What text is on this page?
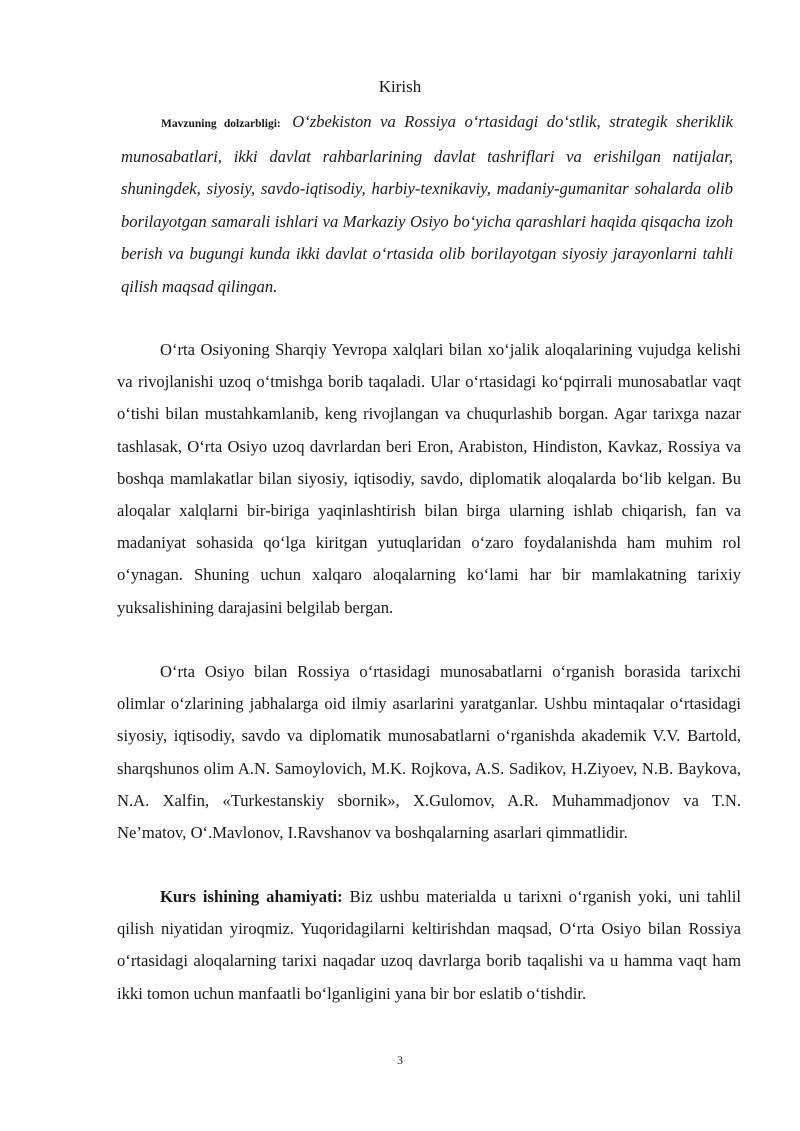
Kirish

Mavzuning dolzarbligi: O‘zbekiston va Rossiya o‘rtasidagi do‘stlik, strategik sheriklik munosabatlari, ikki davlat rahbarlarining davlat tashriflari va erishilgan natijalar, shuningdek, siyosiy, savdo-iqtisodiy, harbiy-texnikaviy, madaniy-gumanitar sohalarda olib borilayotgan samarali ishlari va Markaziy Osiyo bo‘yicha qarashlari haqida qisqacha izoh berish va bugungi kunda ikki davlat o‘rtasida olib borilayotgan siyosiy jarayonlarni tahli qilish maqsad qilingan.

O‘rta Osiyoning Sharqiy Yevropa xalqlari bilan xo‘jalik aloqalarining vujudga kelishi va rivojlanishi uzoq o‘tmishga borib taqaladi. Ular o‘rtasidagi ko‘pqirrali munosabatlar vaqt o‘tishi bilan mustahkamlanib, keng rivojlangan va chuqurlashib borgan. Agar tarixga nazar tashlasak, O‘rta Osiyo uzoq davrlardan beri Eron, Arabiston, Hindiston, Kavkaz, Rossiya va boshqa mamlakatlar bilan siyosiy, iqtisodiy, savdo, diplomatik aloqalarda bo‘lib kelgan. Bu aloqalar xalqlarni bir-biriga yaqinlashtirish bilan birga ularning ishlab chiqarish, fan va madaniyat sohasida qo‘lga kiritgan yutuqlaridan o‘zaro foydalanishda ham muhim rol o‘ynagan. Shuning uchun xalqaro aloqalarning ko‘lami har bir mamlakatning tarixiy yuksalishining darajasini belgilab bergan.

O‘rta Osiyo bilan Rossiya o‘rtasidagi munosabatlarni o‘rganish borasida tarixchi olimlar o‘zlarining jabhalarga oid ilmiy asarlarini yaratganlar. Ushbu mintaqalar o‘rtasidagi siyosiy, iqtisodiy, savdo va diplomatik munosabatlarni o‘rganishda akademik V.V. Bartold, sharqshunos olim A.N. Samoylovich, M.K. Rojkova, A.S. Sadikov, H.Ziyoev, N.B. Baykova, N.A. Xalfin, «Turkestanskiy sbornik», X.Gulomov, A.R. Muhammadjonov va T.N. Ne’matov, O‘.Mavlonov, I.Ravshanov va boshqalarning asarlari qimmatlidir.

Kurs ishining ahamiyati: Biz ushbu materialda u tarixni o‘rganish yoki, uni tahlil qilish niyatidan yiroqmiz. Yuqoridagilarni keltirishdan maqsad, O‘rta Osiyo bilan Rossiya o‘rtasidagi aloqalarning tarixi naqadar uzoq davrlarga borib taqalishi va u hamma vaqt ham ikki tomon uchun manfaatli bo‘lganligini yana bir bor eslatib o‘tishdir.

3
